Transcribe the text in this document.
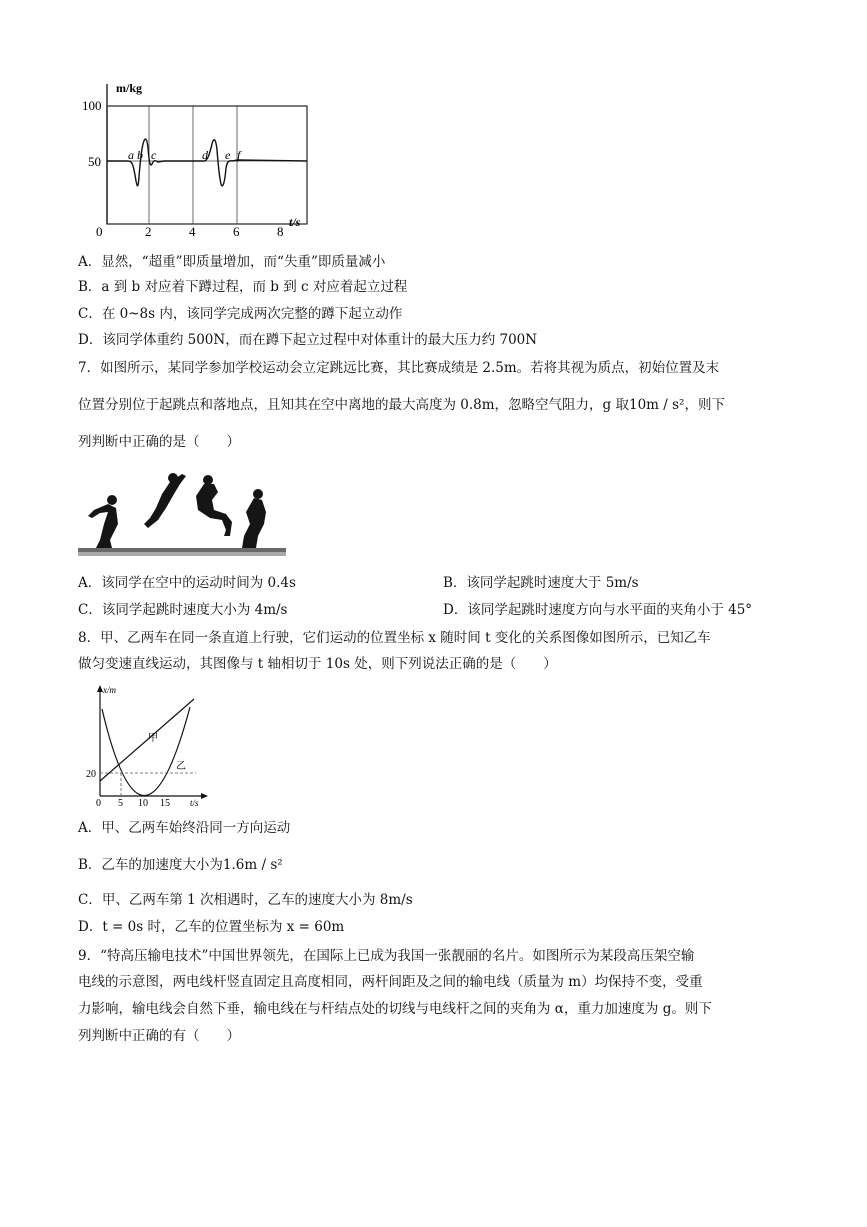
m/kg
100
50
0	2	4	6	8
t/s
a b c	d e f
A．显然，“超重”即质量增加，而“失重”即质量减小
B．a 到 b 对应着下蹲过程，而 b 到 c 对应着起立过程
C．在 0~8s 内，该同学完成两次完整的蹲下起立动作
D．该同学体重约 500N，而在蹲下起立过程中对体重计的最大压力约 700N
7．如图所示，某同学参加学校运动会立定跳远比赛，其比赛成绩是 2.5m。若将其视为质点，初始位置及末
位置分别位于起跳点和落地点，且知其在空中离地的最大高度为 0.8m，忽略空气阻力，g 取10m / s²，则下
列判断中正确的是（　　）
A．该同学在空中的运动时间为 0.4s	B．该同学起跳时速度大于 5m/s
C．该同学起跳时速度大小为 4m/s	D．该同学起跳时速度方向与水平面的夹角小于 45°
8．甲、乙两车在同一条直道上行驶，它们运动的位置坐标 x 随时间 t 变化的关系图像如图所示，已知乙车
做匀变速直线运动，其图像与 t 轴相切于 10s 处，则下列说法正确的是（　　）
x/m
20
0 5 10 15 t/s
甲
乙
A．甲、乙两车始终沿同一方向运动
B．乙车的加速度大小为1.6m / s²
C．甲、乙两车第 1 次相遇时，乙车的速度大小为 8m/s
D．t = 0s 时，乙车的位置坐标为 x = 60m
9．“特高压输电技术”中国世界领先，在国际上已成为我国一张靓丽的名片。如图所示为某段高压架空输
电线的示意图，两电线杆竖直固定且高度相同，两杆间距及之间的输电线（质量为 m）均保持不变，受重
力影响，输电线会自然下垂，输电线在与杆结点处的切线与电线杆之间的夹角为 α，重力加速度为 g。则下
列判断中正确的有（　　）
